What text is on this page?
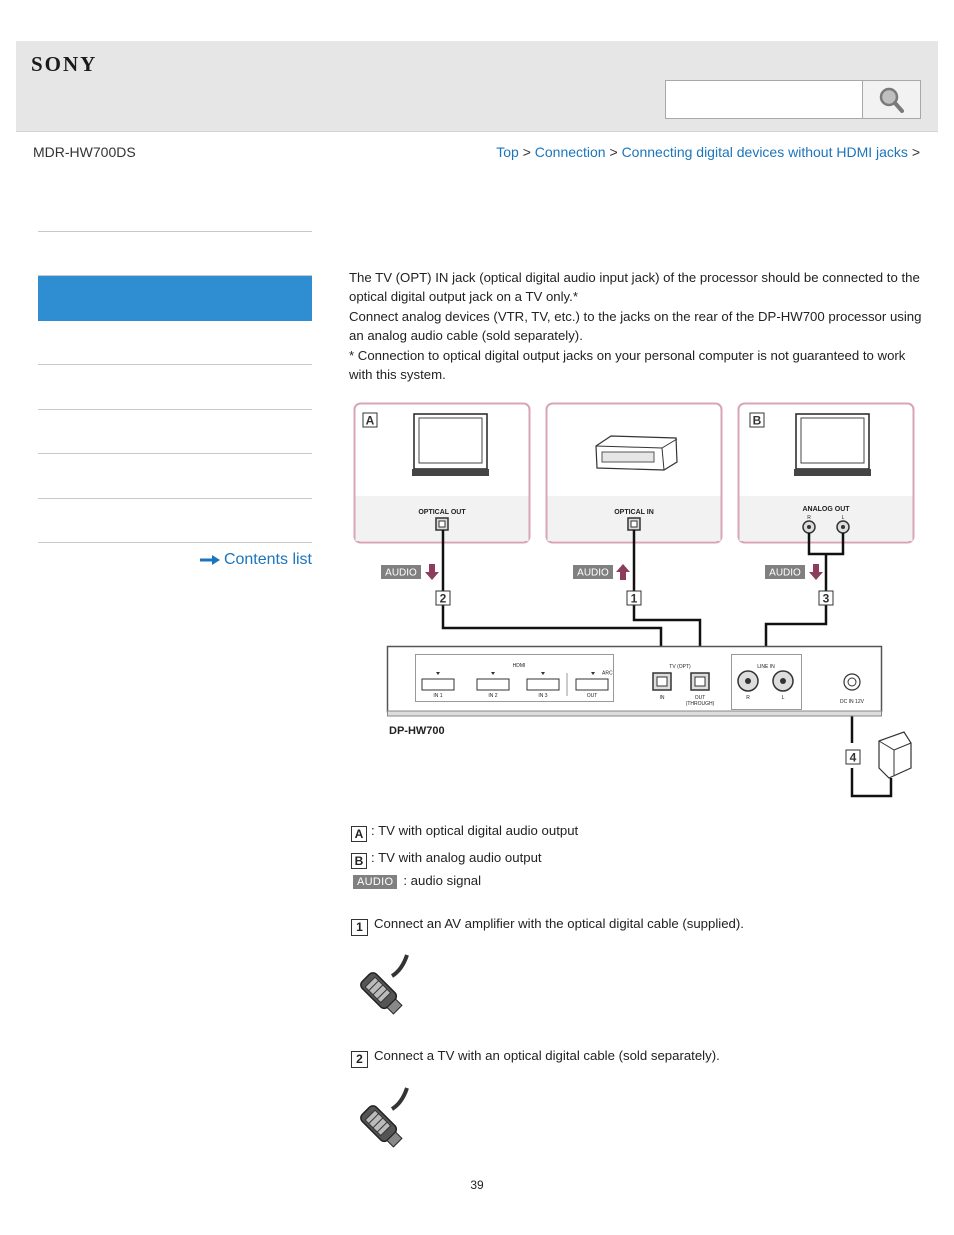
SONY
MDR-HW700DS	Top > Connection > Connecting digital devices without HDMI jacks >
Contents list

The TV (OPT) IN jack (optical digital audio input jack) of the processor should be connected to the optical digital output jack on a TV only.*

Connect analog devices (VTR, TV, etc.) to the jacks on the rear of the DP-HW700 processor using an analog audio cable (sold separately).

* Connection to optical digital output jacks on your personal computer is not guaranteed to work with this system.

A
OPTICAL OUT	OPTICAL IN
B
ANALOG OUT
R	L
AUDIO	AUDIO	AUDIO
2	1	3
4
HDMI
ARC
IN 1	IN 2	IN 3	OUT
TV (OPT)
IN	OUT
(THROUGH)
LINE IN
R	L
DC IN 12V
DP-HW700
A : TV with optical digital audio output
B : TV with analog audio output
AUDIO : audio signal
1 Connect an AV amplifier with the optical digital cable (supplied).
2 Connect a TV with an optical digital cable (sold separately).
39
